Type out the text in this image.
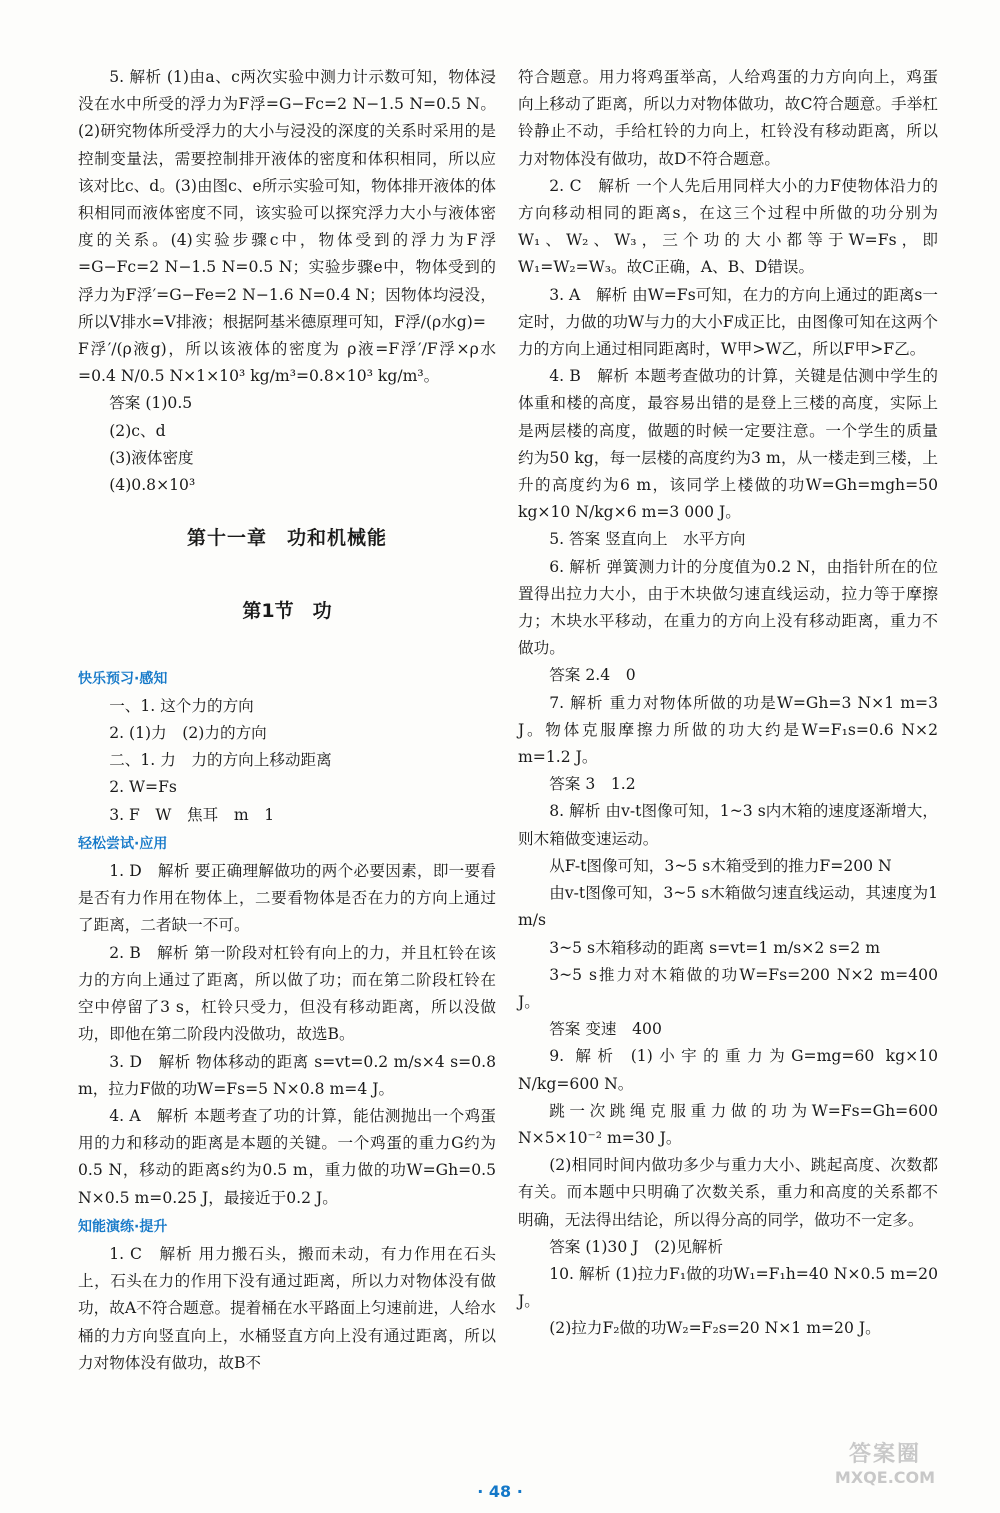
5. 解析 (1)由a、c两次实验中测力计示数可知，物体浸没在水中所受的浮力为F浮=G−Fc=2 N−1.5 N=0.5 N。(2)研究物体所受浮力的大小与浸没的深度的关系时采用的是控制变量法，需要控制排开液体的密度和体积相同，所以应该对比c、d。(3)由图c、e所示实验可知，物体排开液体的体积相同而液体密度不同，该实验可以探究浮力大小与液体密度的关系。(4)实验步骤c中，物体受到的浮力为F浮=G−Fc=2 N−1.5 N=0.5 N；实验步骤e中，物体受到的浮力为F浮′=G−Fe=2 N−1.6 N=0.4 N；因物体均浸没，所以V排水=V排液；根据阿基米德原理可知，F浮/(ρ水g)=

F浮′/(ρ液g)，所以该液体的密度为 ρ液=F浮′/F浮×ρ水=0.4 N/0.5 N×1×10³ kg/m³=0.8×10³ kg/m³。

答案 (1)0.5

(2)c、d

(3)液体密度

(4)0.8×10³

第十一章　功和机械能

第1节　功

快乐预习·感知

一、1. 这个力的方向

2. (1)力　(2)力的方向

二、1. 力　力的方向上移动距离

2. W=Fs

3. F　W　焦耳　m　1

轻松尝试·应用

1. D　解析 要正确理解做功的两个必要因素，即一要看是否有力作用在物体上，二要看物体是否在力的方向上通过了距离，二者缺一不可。

2. B　解析 第一阶段对杠铃有向上的力，并且杠铃在该力的方向上通过了距离，所以做了功；而在第二阶段杠铃在空中停留了3 s，杠铃只受力，但没有移动距离，所以没做功，即他在第二阶段内没做功，故选B。

3. D　解析 物体移动的距离 s=vt=0.2 m/s×4 s=0.8 m，拉力F做的功W=Fs=5 N×0.8 m=4 J。

4. A　解析 本题考查了功的计算，能估测抛出一个鸡蛋用的力和移动的距离是本题的关键。一个鸡蛋的重力G约为0.5 N，移动的距离s约为0.5 m，重力做的功W=Gh=0.5 N×0.5 m=0.25 J，最接近于0.2 J。

知能演练·提升

1. C　解析 用力搬石头，搬而未动，有力作用在石头上，石头在力的作用下没有通过距离，所以力对物体没有做功，故A不符合题意。提着桶在水平路面上匀速前进，人给水桶的力方向竖直向上，水桶竖直方向上没有通过距离，所以力对物体没有做功，故B不

符合题意。用力将鸡蛋举高，人给鸡蛋的力方向向上，鸡蛋向上移动了距离，所以力对物体做功，故C符合题意。手举杠铃静止不动，手给杠铃的力向上，杠铃没有移动距离，所以力对物体没有做功，故D不符合题意。

2. C　解析 一个人先后用同样大小的力F使物体沿力的方向移动相同的距离s，在这三个过程中所做的功分别为W₁、W₂、W₃，三个功的大小都等于W=Fs，即W₁=W₂=W₃。故C正确，A、B、D错误。

3. A　解析 由W=Fs可知，在力的方向上通过的距离s一定时，力做的功W与力的大小F成正比，由图像可知在这两个力的方向上通过相同距离时，W甲>W乙，所以F甲>F乙。

4. B　解析 本题考查做功的计算，关键是估测中学生的体重和楼的高度，最容易出错的是登上三楼的高度，实际上是两层楼的高度，做题的时候一定要注意。一个学生的质量约为50 kg，每一层楼的高度约为3 m，从一楼走到三楼，上升的高度约为6 m，该同学上楼做的功W=Gh=mgh=50 kg×10 N/kg×6 m=3 000 J。

5. 答案 竖直向上　水平方向

6. 解析 弹簧测力计的分度值为0.2 N，由指针所在的位置得出拉力大小，由于木块做匀速直线运动，拉力等于摩擦力；木块水平移动，在重力的方向上没有移动距离，重力不做功。

答案 2.4　0

7. 解析 重力对物体所做的功是W=Gh=3 N×1 m=3 J。物体克服摩擦力所做的功大约是W=F₁s=0.6 N×2 m=1.2 J。

答案 3　1.2

8. 解析 由v-t图像可知，1~3 s内木箱的速度逐渐增大，则木箱做变速运动。

从F-t图像可知，3~5 s木箱受到的推力F=200 N

由v-t图像可知，3~5 s木箱做匀速直线运动，其速度为1 m/s

3~5 s木箱移动的距离 s=vt=1 m/s×2 s=2 m

3~5 s推力对木箱做的功W=Fs=200 N×2 m=400 J。

答案 变速　400

9. 解析 (1)小宇的重力为G=mg=60 kg×10 N/kg=600 N。

跳一次跳绳克服重力做的功为W=Fs=Gh=600 N×5×10⁻² m=30 J。

(2)相同时间内做功多少与重力大小、跳起高度、次数都有关。而本题中只明确了次数关系，重力和高度的关系都不明确，无法得出结论，所以得分高的同学，做功不一定多。

答案 (1)30 J　(2)见解析

10. 解析 (1)拉力F₁做的功W₁=F₁h=40 N×0.5 m=20 J。

(2)拉力F₂做的功W₂=F₂s=20 N×1 m=20 J。

· 48 ·
答案圈
MXQE.COM
